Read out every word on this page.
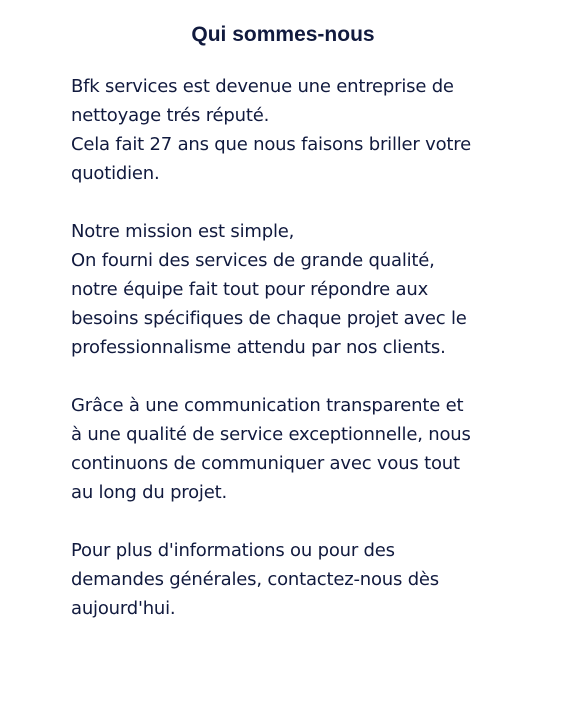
Qui sommes-nous

Bfk services est devenue une entreprise de
nettoyage trés réputé.
Cela fait 27 ans que nous faisons briller votre
quotidien.

Notre mission est simple,
On fourni des services de grande qualité,
notre équipe fait tout pour répondre aux
besoins spécifiques de chaque projet avec le
professionnalisme attendu par nos clients.

Grâce à une communication transparente et
à une qualité de service exceptionnelle, nous
continuons de communiquer avec vous tout
au long du projet.

Pour plus d'informations ou pour des
demandes générales, contactez-nous dès
aujourd'hui.
